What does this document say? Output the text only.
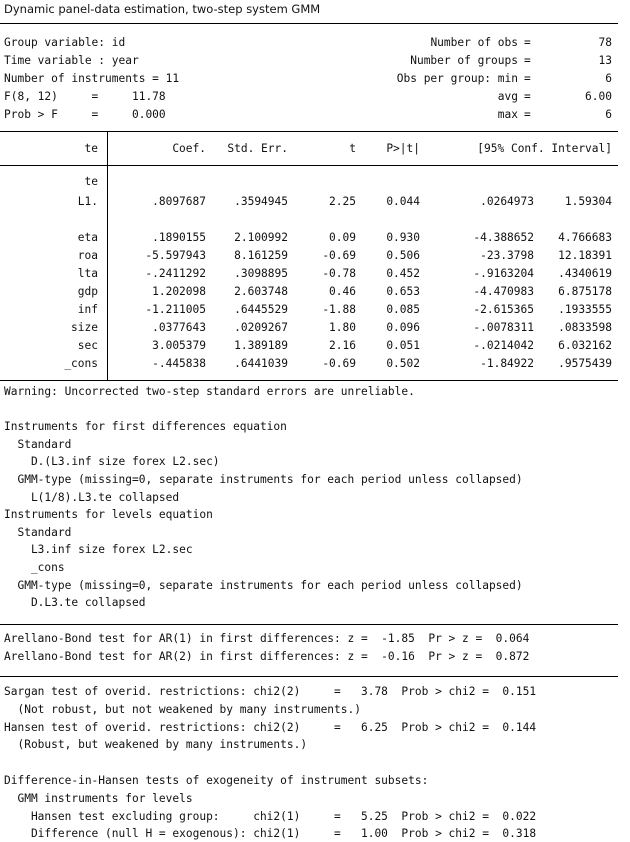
Dynamic panel-data estimation, two-step system GMM
Group variable: id
Time variable : year
Number of instruments = 11
F(8, 12)     =     11.78
Prob > F     =     0.000
Number of obs =	78
Number of groups =	13
Obs per group: min =	6
avg =	6.00
max =	6
te	Coef. Std. Err.	t	P>|t|	[95% Conf. Interval]
te
L1.	.8097687	.3594945	2.25	0.044	.0264973	1.59304
eta	.1890155	2.100992	0.09	0.930	-4.388652 4.766683
roa	-5.597943	8.161259	-0.69	0.506	-23.3798 12.18391
lta	-.2411292	.3098895	-0.78	0.452	-.9163204 .4340619
gdp	1.202098	2.603748	0.46	0.653	-4.470983 6.875178
inf	-1.211005	.6445529	-1.88	0.085	-2.615365 .1933555
size	.0377643	.0209267	1.80	0.096	-.0078311 .0833598
sec	3.005379	1.389189	2.16	0.051	-.0214042 6.032162
_cons	-.445838	.6441039	-0.69	0.502	-1.84922 .9575439
Warning: Uncorrected two-step standard errors are unreliable.
Instruments for first differences equation
Standard
D.(L3.inf size forex L2.sec)
GMM-type (missing=0, separate instruments for each period unless collapsed)
L(1/8).L3.te collapsed
Instruments for levels equation
Standard
L3.inf size forex L2.sec
_cons
GMM-type (missing=0, separate instruments for each period unless collapsed)
D.L3.te collapsed
Arellano-Bond test for AR(1) in first differences: z =  -1.85  Pr > z =  0.064
Arellano-Bond test for AR(2) in first differences: z =  -0.16  Pr > z =  0.872
Sargan test of overid. restrictions: chi2(2)     =   3.78  Prob > chi2 =  0.151
(Not robust, but not weakened by many instruments.)
Hansen test of overid. restrictions: chi2(2)     =   6.25  Prob > chi2 =  0.144
(Robust, but weakened by many instruments.)
Difference-in-Hansen tests of exogeneity of instrument subsets:
GMM instruments for levels
Hansen test excluding group:     chi2(1)     =   5.25  Prob > chi2 =  0.022
Difference (null H = exogenous): chi2(1)     =   1.00  Prob > chi2 =  0.318
